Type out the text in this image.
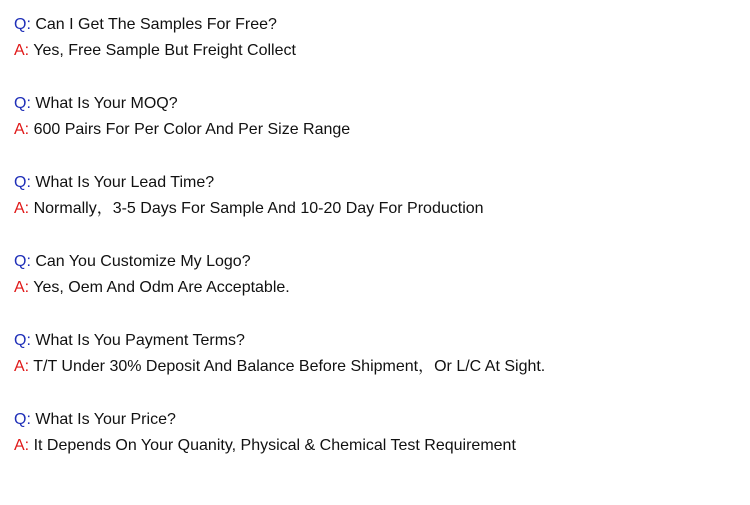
Q: Can I Get The Samples For Free?
A: Yes, Free Sample But Freight Collect
Q: What Is Your MOQ?
A: 600 Pairs For Per Color And Per Size Range
Q: What Is Your Lead Time?
A: Normally，3-5 Days For Sample And 10-20 Day For Production
Q: Can You Customize My Logo?
A: Yes, Oem And Odm Are Acceptable.
Q: What Is You Payment Terms?
A: T/T Under 30% Deposit And Balance Before Shipment，Or L/C At Sight.
Q: What Is Your Price?
A: It Depends On Your Quanity, Physical & Chemical Test Requirement
